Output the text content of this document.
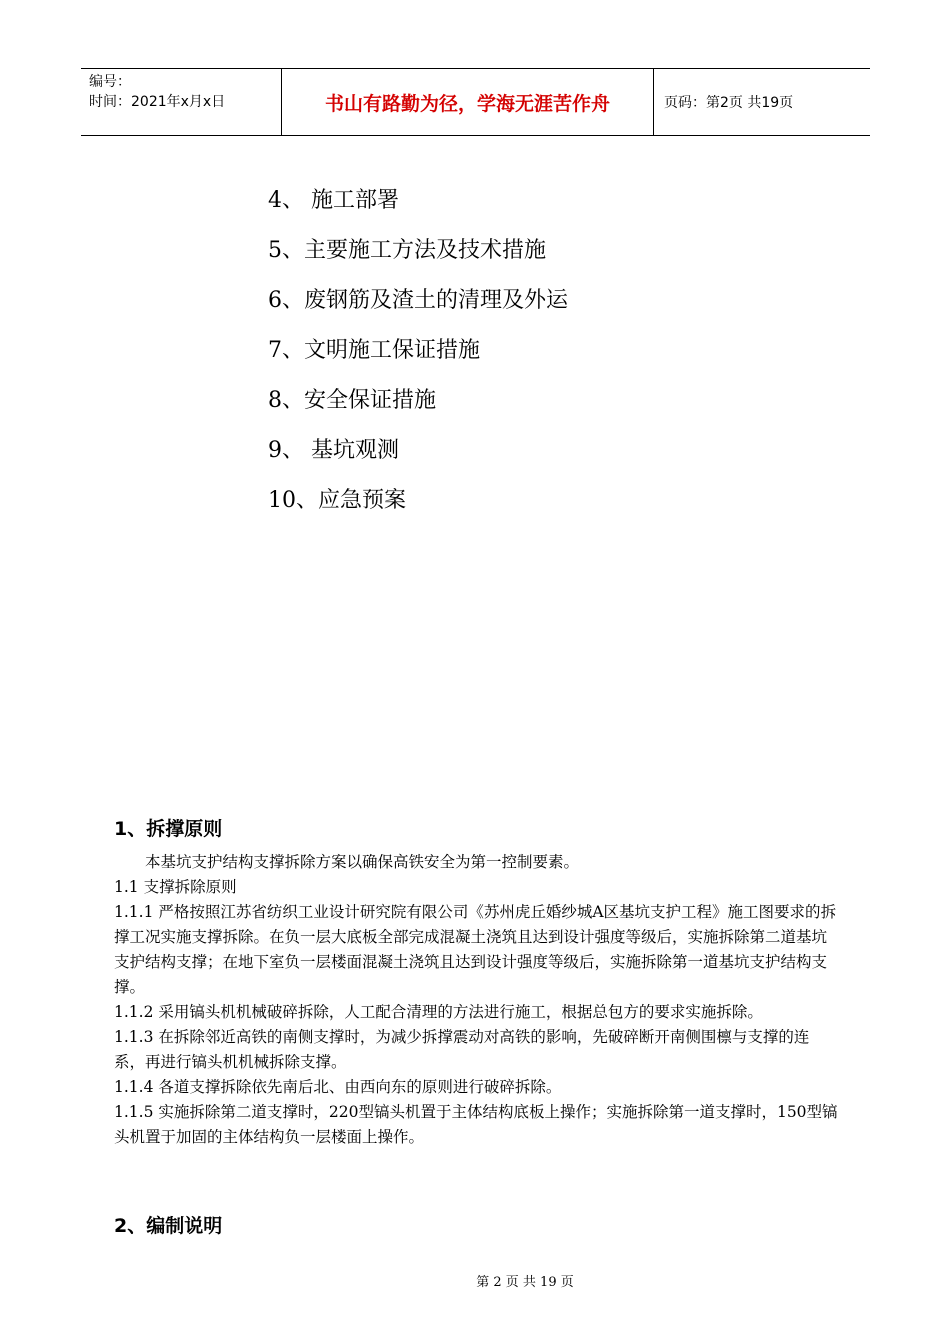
编号：
时间：2021年x月x日	书山有路勤为径，学海无涯苦作舟	页码：第2页 共19页
4、 施工部署
5、主要施工方法及技术措施
6、废钢筋及渣土的清理及外运
7、文明施工保证措施
8、安全保证措施
9、 基坑观测
10、应急预案
1、拆撑原则

本基坑支护结构支撑拆除方案以确保高铁安全为第一控制要素。

1.1 支撑拆除原则

1.1.1 严格按照江苏省纺织工业设计研究院有限公司《苏州虎丘婚纱城A区基坑支护工程》施工图要求的拆撑工况实施支撑拆除。在负一层大底板全部完成混凝土浇筑且达到设计强度等级后，实施拆除第二道基坑支护结构支撑；在地下室负一层楼面混凝土浇筑且达到设计强度等级后，实施拆除第一道基坑支护结构支撑。

1.1.2 采用镐头机机械破碎拆除，人工配合清理的方法进行施工，根据总包方的要求实施拆除。

1.1.3 在拆除邻近高铁的南侧支撑时，为减少拆撑震动对高铁的影响，先破碎断开南侧围檩与支撑的连系，再进行镐头机机械拆除支撑。

1.1.4 各道支撑拆除依先南后北、由西向东的原则进行破碎拆除。

1.1.5 实施拆除第二道支撑时，220型镐头机置于主体结构底板上操作；实施拆除第一道支撑时，150型镐头机置于加固的主体结构负一层楼面上操作。

2、编制说明
第 2 页 共 19 页
